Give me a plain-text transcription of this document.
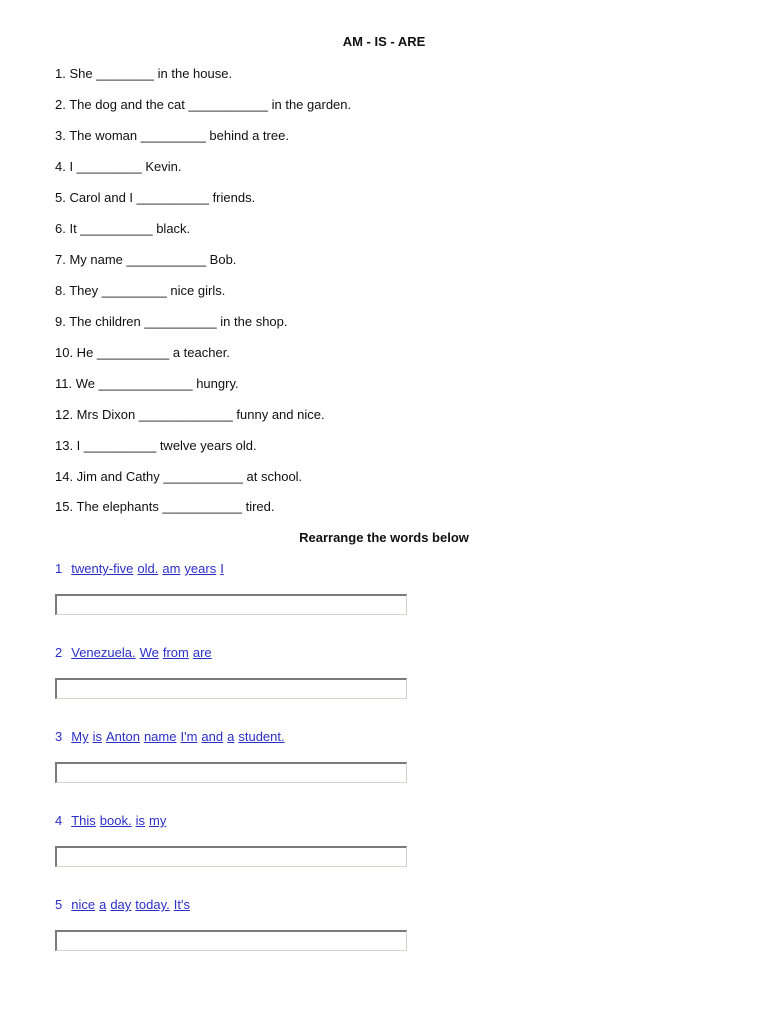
AM - IS - ARE
1. She ________ in the house.
2. The dog and the cat ___________ in the garden.
3. The woman _________ behind a tree.
4. I _________ Kevin.
5. Carol and I __________ friends.
6. It __________ black.
7. My name ___________ Bob.
8. They _________ nice girls.
9. The children __________ in the shop.
10. He __________ a teacher.
11. We _____________ hungry.
12. Mrs Dixon _____________ funny and nice.
13. I __________ twelve years old.
14. Jim and Cathy ___________ at school.
15. The elephants ___________ tired.
Rearrange the words below
1 twenty-five old. am years I
2 Venezuela. We from are
3 My is Anton name I'm and a student.
4 This book. is my
5 nice a day today. It's
